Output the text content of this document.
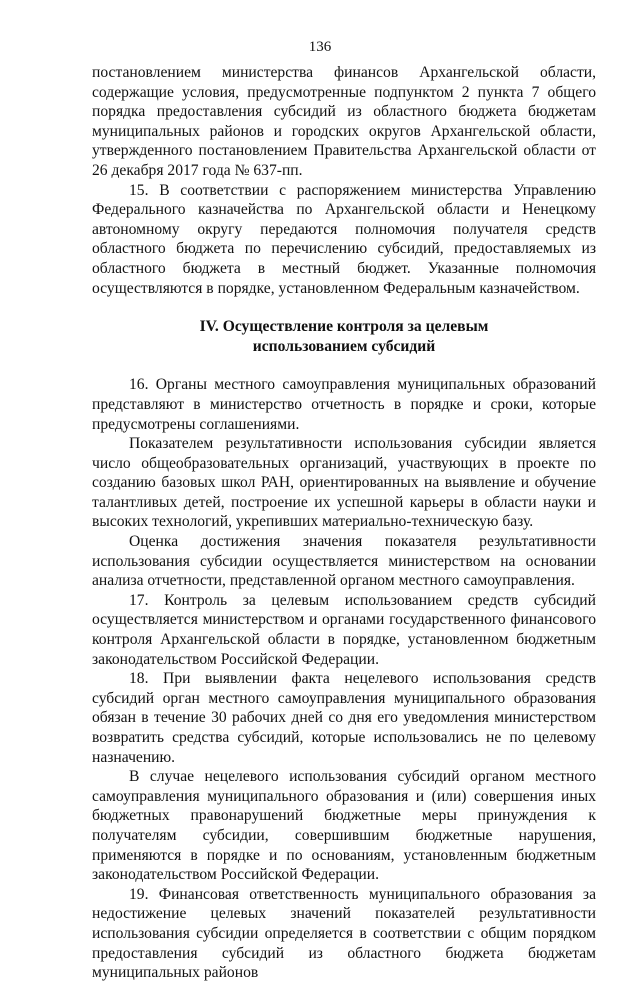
136

постановлением министерства финансов Архангельской области, содержащие условия, предусмотренные подпунктом 2 пункта 7 общего порядка предоставления субсидий из областного бюджета бюджетам муниципальных районов и городских округов Архангельской области, утвержденного постановлением Правительства Архангельской области от 26 декабря 2017 года № 637-пп.

15. В соответствии с распоряжением министерства Управлению Федерального казначейства по Архангельской области и Ненецкому автономному округу передаются полномочия получателя средств областного бюджета по перечислению субсидий, предоставляемых из областного бюджета в местный бюджет. Указанные полномочия осуществляются в порядке, установленном Федеральным казначейством.

IV. Осуществление контроля за целевым
использованием субсидий

16. Органы местного самоуправления муниципальных образований представляют в министерство отчетность в порядке и сроки, которые предусмотрены соглашениями.

Показателем результативности использования субсидии является число общеобразовательных организаций, участвующих в проекте по созданию базовых школ РАН, ориентированных на выявление и обучение талантливых детей, построение их успешной карьеры в области науки и высоких технологий, укрепивших материально-техническую базу.

Оценка достижения значения показателя результативности использования субсидии осуществляется министерством на основании анализа отчетности, представленной органом местного самоуправления.

17. Контроль за целевым использованием средств субсидий осуществляется министерством и органами государственного финансового контроля Архангельской области в порядке, установленном бюджетным законодательством Российской Федерации.

18. При выявлении факта нецелевого использования средств субсидий орган местного самоуправления муниципального образования обязан в течение 30 рабочих дней со дня его уведомления министерством возвратить средства субсидий, которые использовались не по целевому назначению.

В случае нецелевого использования субсидий органом местного самоуправления муниципального образования и (или) совершения иных бюджетных правонарушений бюджетные меры принуждения к получателям субсидии, совершившим бюджетные нарушения, применяются в порядке и по основаниям, установленным бюджетным законодательством Российской Федерации.

19. Финансовая ответственность муниципального образования за недостижение целевых значений показателей результативности использования субсидии определяется в соответствии с общим порядком предоставления субсидий из областного бюджета бюджетам муниципальных районов
